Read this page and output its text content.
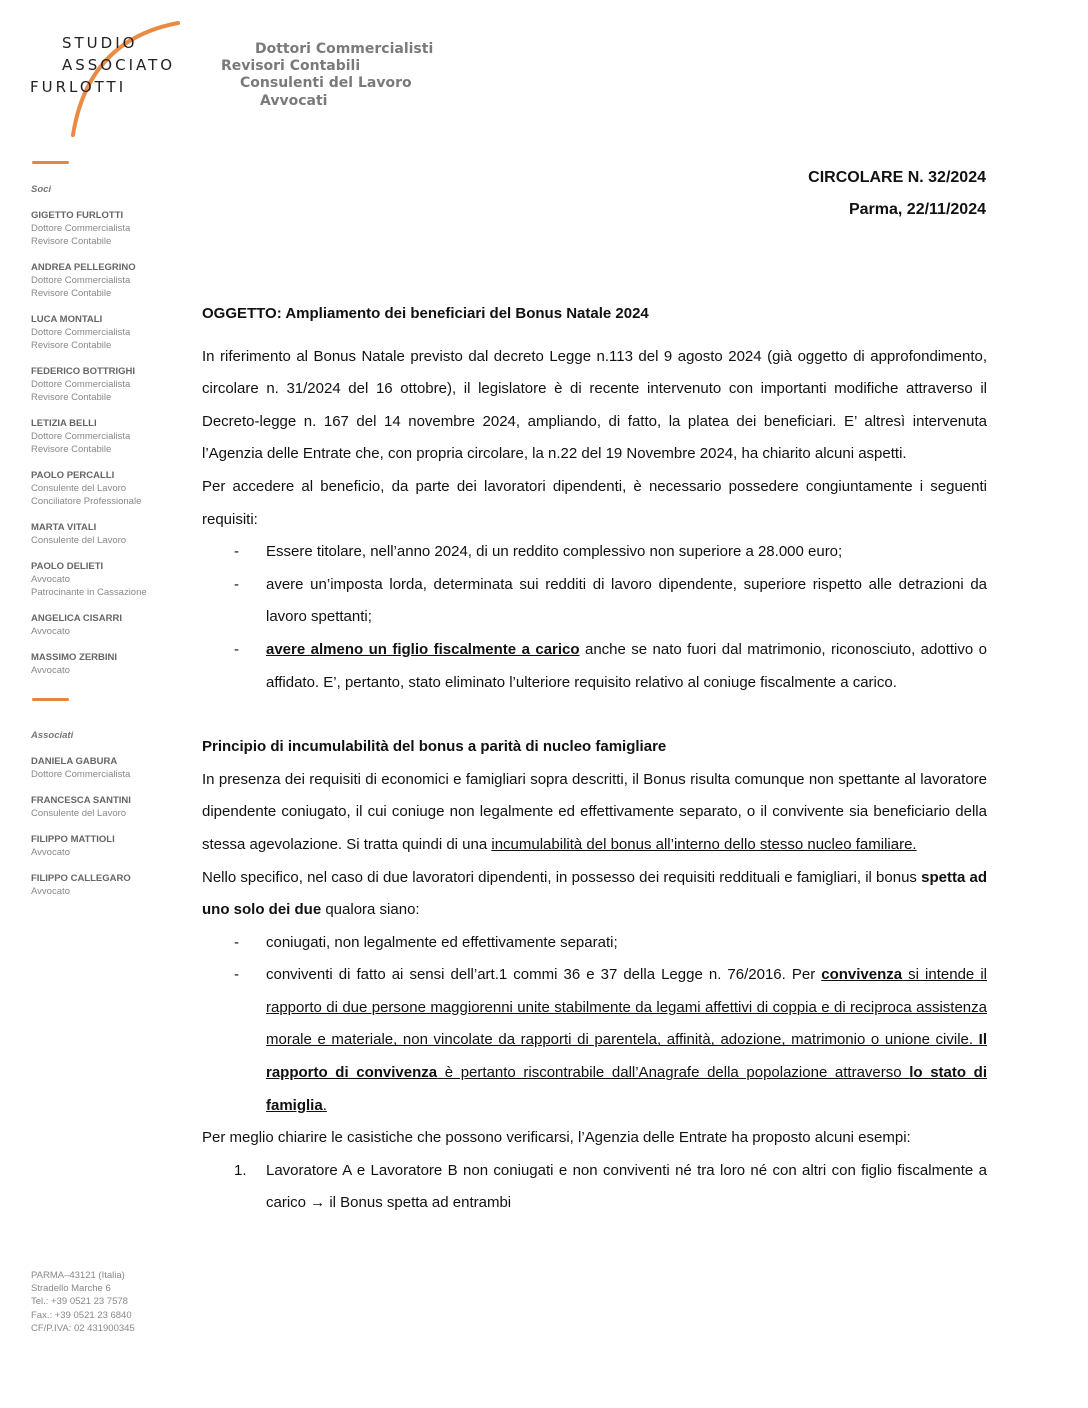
STUDIO
ASSOCIATO
FURLOTTI
Dottori Commercialisti
Revisori Contabili
Consulenti del Lavoro
Avvocati
Soci
GIGETTO FURLOTTI
Dottore Commercialista
Revisore Contabile
ANDREA PELLEGRINO
Dottore Commercialista
Revisore Contabile
LUCA MONTALI
Dottore Commercialista
Revisore Contabile
FEDERICO BOTTRIGHI
Dottore Commercialista
Revisore Contabile
LETIZIA BELLI
Dottore Commercialista
Revisore Contabile
PAOLO PERCALLI
Consulente del Lavoro
Conciliatore Professionale
MARTA VITALI
Consulente del Lavoro
PAOLO DELIETI
Avvocato
Patrocinante in Cassazione
ANGELICA CISARRI
Avvocato
MASSIMO ZERBINI
Avvocato
Associati
DANIELA GABURA
Dottore Commercialista
FRANCESCA SANTINI
Consulente del Lavoro
FILIPPO MATTIOLI
Avvocato
FILIPPO CALLEGARO
Avvocato
PARMA–43121 (Italia)
Stradello Marche 6
Tel.: +39 0521 23 7578
Fax.: +39 0521 23 6840
CF/P.IVA: 02 431900345
CIRCOLARE N. 32/2024
Parma, 22/11/2024

OGGETTO: Ampliamento dei beneficiari del Bonus Natale 2024

In riferimento al Bonus Natale previsto dal decreto Legge n.113 del 9 agosto 2024 (già oggetto di approfondimento, circolare n. 31/2024 del 16 ottobre), il legislatore è di recente intervenuto con importanti modifiche attraverso il Decreto-legge n. 167 del 14 novembre 2024, ampliando, di fatto, la platea dei beneficiari. E’ altresì intervenuta l’Agenzia delle Entrate che, con propria circolare, la n.22 del 19 Novembre 2024, ha chiarito alcuni aspetti.

Per accedere al beneficio, da parte dei lavoratori dipendenti, è necessario possedere congiuntamente i seguenti requisiti:

- Essere titolare, nell’anno 2024, di un reddito complessivo non superiore a 28.000 euro;
- avere un’imposta lorda, determinata sui redditi di lavoro dipendente, superiore rispetto alle detrazioni da lavoro spettanti;
- avere almeno un figlio fiscalmente a carico anche se nato fuori dal matrimonio, riconosciuto, adottivo o affidato. E’, pertanto, stato eliminato l’ulteriore requisito relativo al coniuge fiscalmente a carico.

Principio di incumulabilità del bonus a parità di nucleo famigliare

In presenza dei requisiti di economici e famigliari sopra descritti, il Bonus risulta comunque non spettante al lavoratore dipendente coniugato, il cui coniuge non legalmente ed effettivamente separato, o il convivente sia beneficiario della stessa agevolazione. Si tratta quindi di una incumulabilità del bonus all’interno dello stesso nucleo familiare.

Nello specifico, nel caso di due lavoratori dipendenti, in possesso dei requisiti reddituali e famigliari, il bonus spetta ad uno solo dei due qualora siano:

- coniugati, non legalmente ed effettivamente separati;
- conviventi di fatto ai sensi dell’art.1 commi 36 e 37 della Legge n. 76/2016. Per convivenza si intende il rapporto di due persone maggiorenni unite stabilmente da legami affettivi di coppia e di reciproca assistenza morale e materiale, non vincolate da rapporti di parentela, affinità, adozione, matrimonio o unione civile. Il rapporto di convivenza è pertanto riscontrabile dall’Anagrafe della popolazione attraverso lo stato di famiglia.

Per meglio chiarire le casistiche che possono verificarsi, l’Agenzia delle Entrate ha proposto alcuni esempi:

1. Lavoratore A e Lavoratore B non coniugati e non conviventi né tra loro né con altri con figlio fiscalmente a carico → il Bonus spetta ad entrambi
